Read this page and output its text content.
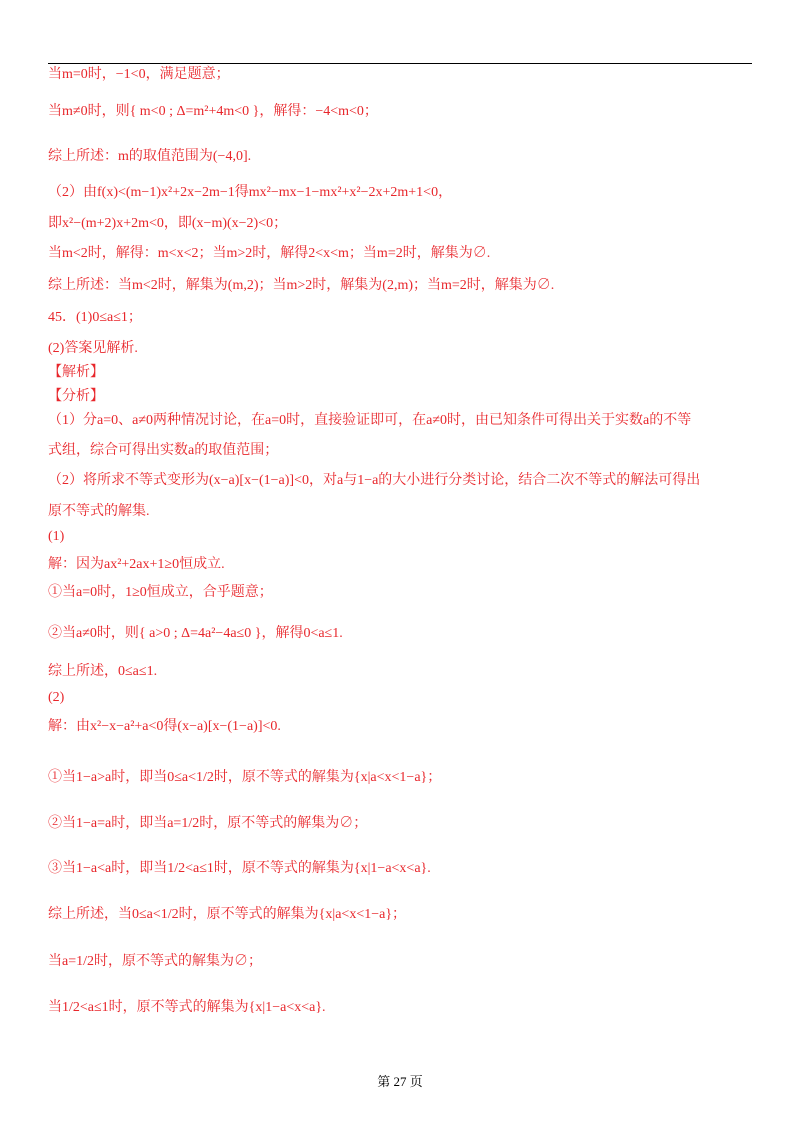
当m=0时，−1<0，满足题意；
当m≠0时，则{ m<0 ; Δ=m²+4m<0 }，解得：−4<m<0；
综上所述：m的取值范围为(−4,0].
（2）由f(x)<(m−1)x²+2x−2m−1得mx²−mx−1−mx²+x²−2x+2m+1<0，
即x²−(m+2)x+2m<0，即(x−m)(x−2)<0；
当m<2时，解得：m<x<2；当m>2时，解得2<x<m；当m=2时，解集为∅.
综上所述：当m<2时，解集为(m,2)；当m>2时，解集为(2,m)；当m=2时，解集为∅.
45．(1)0≤a≤1；
(2)答案见解析.
【解析】
【分析】
（1）分a=0、a≠0两种情况讨论，在a=0时，直接验证即可，在a≠0时，由已知条件可得出关于实数a的不等
式组，综合可得出实数a的取值范围；
（2）将所求不等式变形为(x−a)[x−(1−a)]<0，对a与1−a的大小进行分类讨论，结合二次不等式的解法可得出
原不等式的解集.
(1)
解：因为ax²+2ax+1≥0恒成立.
①当a=0时，1≥0恒成立，合乎题意；
②当a≠0时，则{ a>0 ; Δ=4a²−4a≤0 }，解得0<a≤1.
综上所述，0≤a≤1.
(2)
解：由x²−x−a²+a<0得(x−a)[x−(1−a)]<0.
①当1−a>a时，即当0≤a<1/2时，原不等式的解集为{x|a<x<1−a}；
②当1−a=a时，即当a=1/2时，原不等式的解集为∅；
③当1−a<a时，即当1/2<a≤1时，原不等式的解集为{x|1−a<x<a}.
综上所述，当0≤a<1/2时，原不等式的解集为{x|a<x<1−a}；
当a=1/2时，原不等式的解集为∅；
当1/2<a≤1时，原不等式的解集为{x|1−a<x<a}.
第 27 页
